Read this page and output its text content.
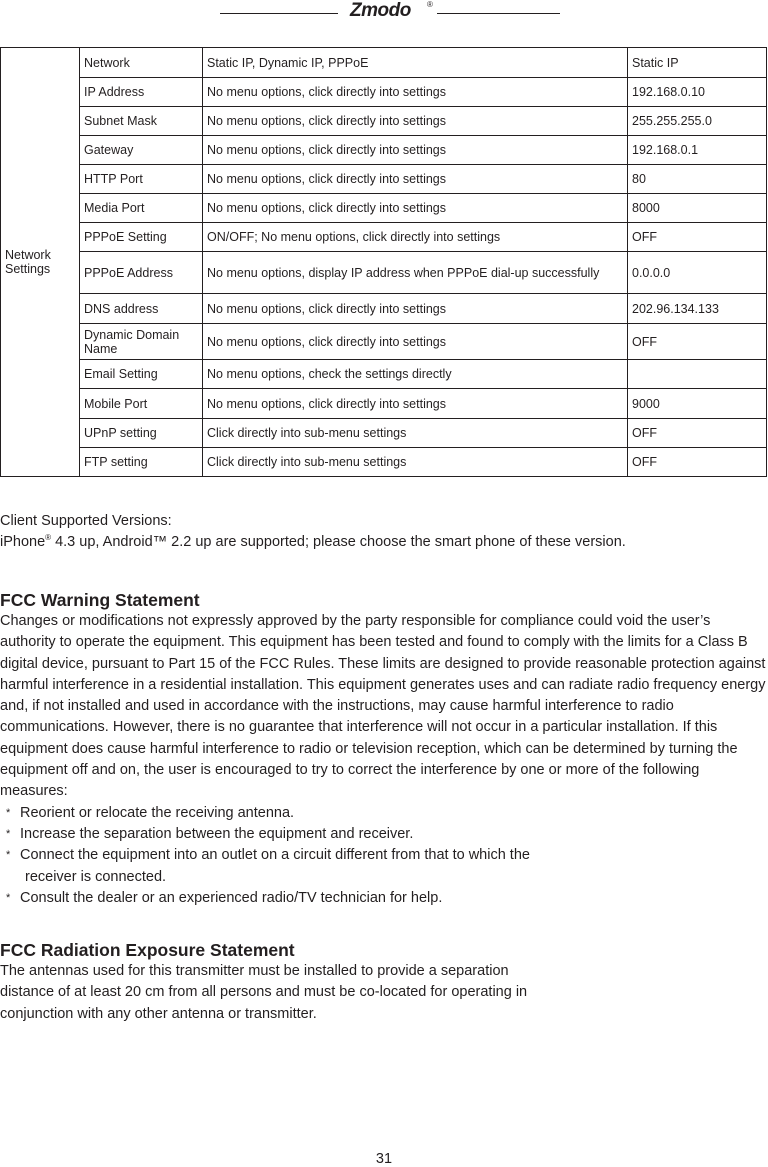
Zmodo ®
Network Settings	Network	Static IP, Dynamic IP, PPPoE	Static IP
	IP Address	No menu options, click directly into settings	192.168.0.10
	Subnet Mask	No menu options, click directly into settings	255.255.255.0
	Gateway	No menu options, click directly into settings	192.168.0.1
	HTTP Port	No menu options, click directly into settings	80
	Media Port	No menu options, click directly into settings	8000
	PPPoE Setting	ON/OFF; No menu options, click directly into settings	OFF
	PPPoE Address	No menu options, display IP address when PPPoE dial-up successfully	0.0.0.0
	DNS address	No menu options, click directly into settings	202.96.134.133
	Dynamic Domain Name	No menu options, click directly into settings	OFF
	Email Setting	No menu options, check the settings directly	
	Mobile Port	No menu options, click directly into settings	9000
	UPnP setting	Click directly into sub-menu settings	OFF
	FTP setting	Click directly into sub-menu settings	OFF

Client Supported Versions:

iPhone® 4.3 up, Android™ 2.2 up are supported; please choose the smart phone of these version.

FCC Warning Statement

Changes or modifications not expressly approved by the party responsible for compliance could void the user’s authority to operate the equipment. This equipment has been tested and found to comply with the limits for a Class B digital device, pursuant to Part 15 of the FCC Rules. These limits are designed to provide reasonable protection against harmful interference in a residential installation. This equipment generates uses and can radiate radio frequency energy and, if not installed and used in accordance with the instructions, may cause harmful interference to radio communications. However, there is no guarantee that interference will not occur in a particular installation. If this equipment does cause harmful interference to radio or television reception, which can be determined by turning the equipment off and on, the user is encouraged to try to correct the interference by one or more of the following measures:

* Reorient or relocate the receiving antenna.
* Increase the separation between the equipment and receiver.
* Connect the equipment into an outlet on a circuit different from that to which the
receiver is connected.
* Consult the dealer or an experienced radio/TV technician for help.

FCC Radiation Exposure Statement

The antennas used for this transmitter must be installed to provide a separation
distance of at least 20 cm from all persons and must be co‐located for operating in
conjunction with any other antenna or transmitter.

31
